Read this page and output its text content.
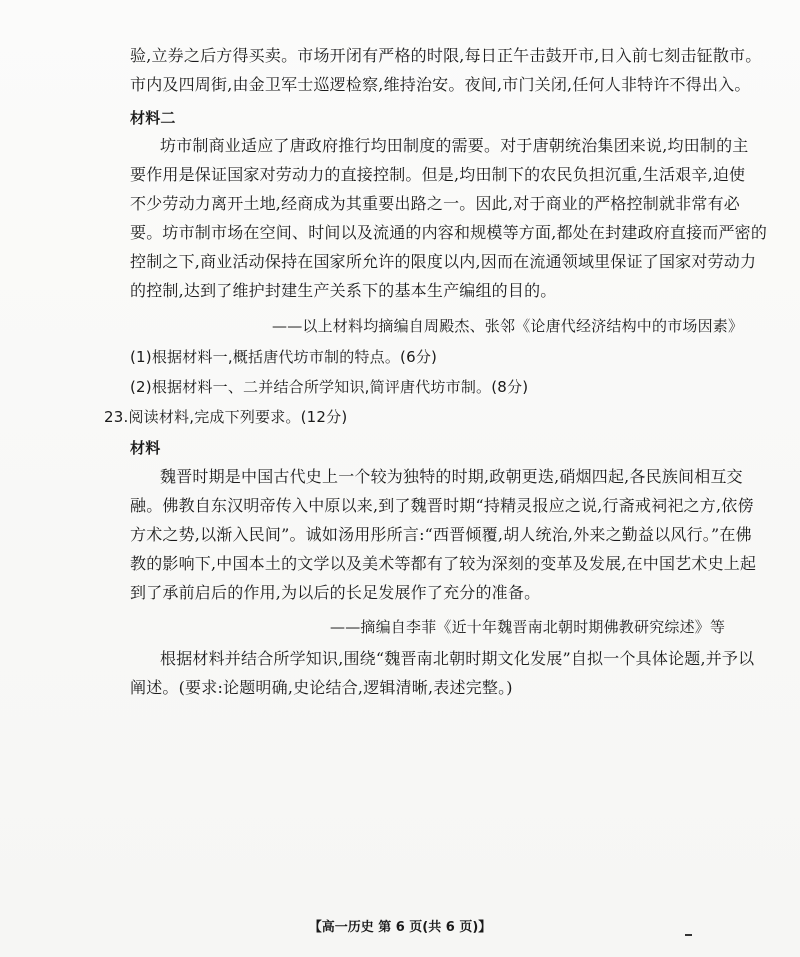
验,立券之后方得买卖。市场开闭有严格的时限,每日正午击鼓开市,日入前七刻击钲散市。
市内及四周街,由金卫军士巡逻检察,维持治安。夜间,市门关闭,任何人非特许不得出入。
材料二
坊市制商业适应了唐政府推行均田制度的需要。对于唐朝统治集团来说,均田制的主
要作用是保证国家对劳动力的直接控制。但是,均田制下的农民负担沉重,生活艰辛,迫使
不少劳动力离开土地,经商成为其重要出路之一。因此,对于商业的严格控制就非常有必
要。坊市制市场在空间、时间以及流通的内容和规模等方面,都处在封建政府直接而严密的
控制之下,商业活动保持在国家所允许的限度以内,因而在流通领域里保证了国家对劳动力
的控制,达到了维护封建生产关系下的基本生产编组的目的。
——以上材料均摘编自周殿杰、张邻《论唐代经济结构中的市场因素》
(1)根据材料一,概括唐代坊市制的特点。(6分)
(2)根据材料一、二并结合所学知识,简评唐代坊市制。(8分)
23.阅读材料,完成下列要求。(12分)
材料
魏晋时期是中国古代史上一个较为独特的时期,政朝更迭,硝烟四起,各民族间相互交
融。佛教自东汉明帝传入中原以来,到了魏晋时期“持精灵报应之说,行斋戒祠祀之方,依傍
方术之势,以渐入民间”。诚如汤用彤所言:“西晋倾覆,胡人统治,外来之勤益以风行。”在佛
教的影响下,中国本土的文学以及美术等都有了较为深刻的变革及发展,在中国艺术史上起
到了承前启后的作用,为以后的长足发展作了充分的准备。
——摘编自李菲《近十年魏晋南北朝时期佛教研究综述》等
根据材料并结合所学知识,围绕“魏晋南北朝时期文化发展”自拟一个具体论题,并予以
阐述。(要求:论题明确,史论结合,逻辑清晰,表述完整。)
【高一历史 第 6 页(共 6 页)】
